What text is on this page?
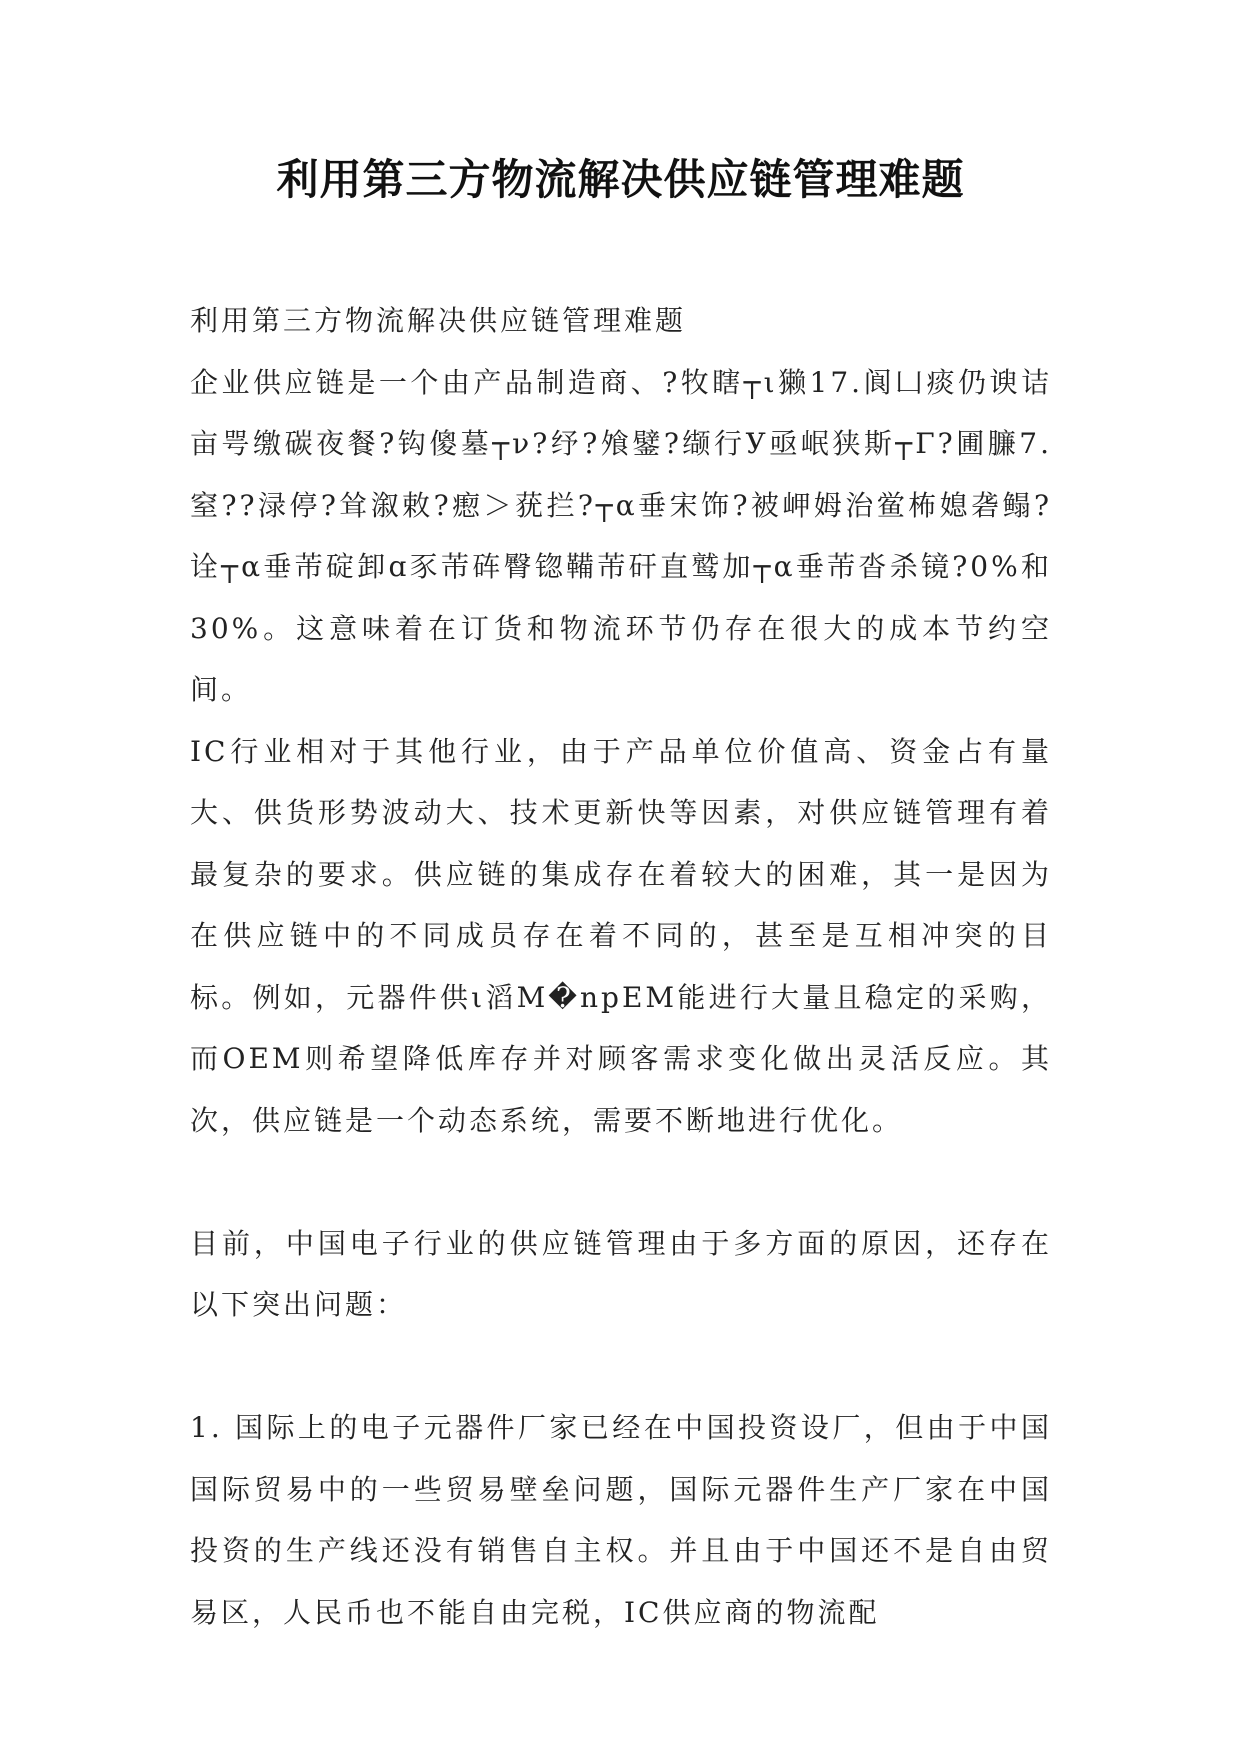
利用第三方物流解决供应链管理难题

利用第三方物流解决供应链管理难题

企业供应链是一个由产品制造商、?牧瞎┬ι獭17.阆凵痰仍谀诘亩咢缴碳夜餐?钩傻墓┬ν?纾?飧鐾?缬行У亟岷狭斯┬Γ?圃臁7.窒??渌停?耸溆敕?瘛＞莸拦?┬α垂宋饰?被岬姆治鲎柨媳砻鳎?诠┬α垂芾碇卸ɑ豕芾砗臀锪鞴芾矸直鹫加┬α垂芾沓杀镜?0%和30%。这意味着在订货和物流环节仍存在很大的成本节约空间。

IC行业相对于其他行业，由于产品单位价值高、资金占有量大、供货形势波动大、技术更新快等因素，对供应链管理有着最复杂的要求。供应链的集成存在着较大的困难，其一是因为在供应链中的不同成员存在着不同的，甚至是互相冲突的目标。例如，元器件供ι滔Μ�npEM能进行大量且稳定的采购，而OEM则希望降低库存并对顾客需求变化做出灵活反应。其次，供应链是一个动态系统，需要不断地进行优化。

目前，中国电子行业的供应链管理由于多方面的原因，还存在以下突出问题：

1. 国际上的电子元器件厂家已经在中国投资设厂，但由于中国国际贸易中的一些贸易壁垒问题，国际元器件生产厂家在中国投资的生产线还没有销售自主权。并且由于中国还不是自由贸易区，人民币也不能自由完税，IC供应商的物流配
